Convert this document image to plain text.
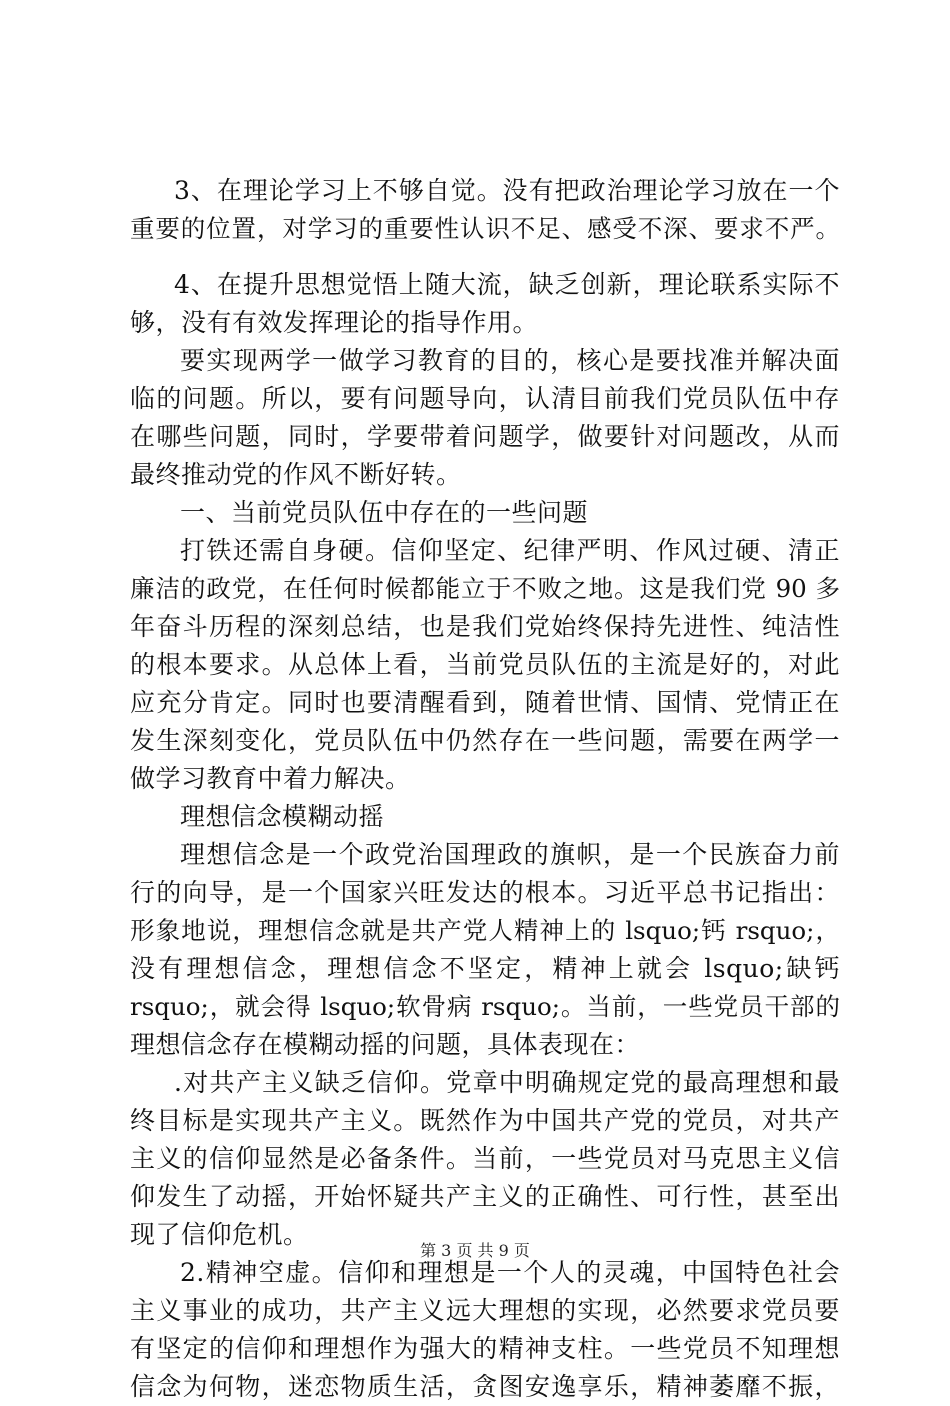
3、在理论学习上不够自觉。没有把政治理论学习放在一个
重要的位置，对学习的重要性认识不足、感受不深、要求不严。
4、在提升思想觉悟上随大流，缺乏创新，理论联系实际不
够，没有有效发挥理论的指导作用。
要实现两学一做学习教育的目的，核心是要找准并解决面
临的问题。所以，要有问题导向，认清目前我们党员队伍中存
在哪些问题，同时，学要带着问题学，做要针对问题改，从而
最终推动党的作风不断好转。
一、当前党员队伍中存在的一些问题
打铁还需自身硬。信仰坚定、纪律严明、作风过硬、清正
廉洁的政党，在任何时候都能立于不败之地。这是我们党 90 多
年奋斗历程的深刻总结，也是我们党始终保持先进性、纯洁性
的根本要求。从总体上看，当前党员队伍的主流是好的，对此
应充分肯定。同时也要清醒看到，随着世情、国情、党情正在
发生深刻变化，党员队伍中仍然存在一些问题，需要在两学一
做学习教育中着力解决。
理想信念模糊动摇
理想信念是一个政党治国理政的旗帜，是一个民族奋力前
行的向导，是一个国家兴旺发达的根本。习近平总书记指出：
形象地说，理想信念就是共产党人精神上的 lsquo;钙 rsquo;，
没有理想信念，理想信念不坚定，精神上就会 lsquo;缺钙
rsquo;，就会得 lsquo;软骨病 rsquo;。当前，一些党员干部的
理想信念存在模糊动摇的问题，具体表现在：
.对共产主义缺乏信仰。党章中明确规定党的最高理想和最
终目标是实现共产主义。既然作为中国共产党的党员，对共产
主义的信仰显然是必备条件。当前，一些党员对马克思主义信
仰发生了动摇，开始怀疑共产主义的正确性、可行性，甚至出
现了信仰危机。
2.精神空虚。信仰和理想是一个人的灵魂，中国特色社会
主义事业的成功，共产主义远大理想的实现，必然要求党员要
有坚定的信仰和理想作为强大的精神支柱。一些党员不知理想
信念为何物，迷恋物质生活，贪图安逸享乐，精神萎靡不振，
第 3 页 共 9 页
